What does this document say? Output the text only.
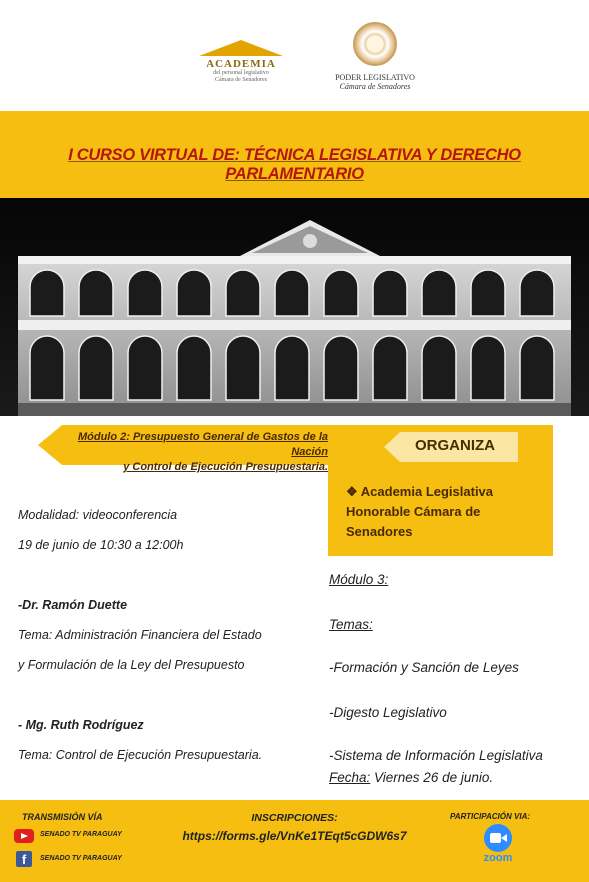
ACADEMIA
del personal legislativo
Cámara de Senadores	PODER LEGISLATIVO
Cámara de Senadores
I CURSO VIRTUAL DE: TÉCNICA LEGISLATIVA Y DERECHO PARLAMENTARIO
Módulo 2: Presupuesto General de Gastos de la Nación
y Control de Ejecución Presupuestaria.
ORGANIZA
❖ Academia Legislativa
Honorable Cámara de
Senadores
Modalidad: videoconferencia
19 de junio de 10:30 a 12:00h
-Dr. Ramón Duette
Tema: Administración Financiera del Estado
y Formulación de la Ley del Presupuesto
- Mg. Ruth Rodríguez
Tema: Control de Ejecución Presupuestaria.
Módulo 3:
Temas:
-Formación y Sanción de Leyes
-Digesto Legislativo
-Sistema de Información Legislativa
Fecha: Viernes 26 de junio.
TRANSMISIÓN VÍA
SENADO TV PARAGUAY
f	SENADO TV PARAGUAY
INSCRIPCIONES:
https://forms.gle/VnKe1TEqt5cGDW6s7
PARTICIPACIÓN VIA:
zoom
